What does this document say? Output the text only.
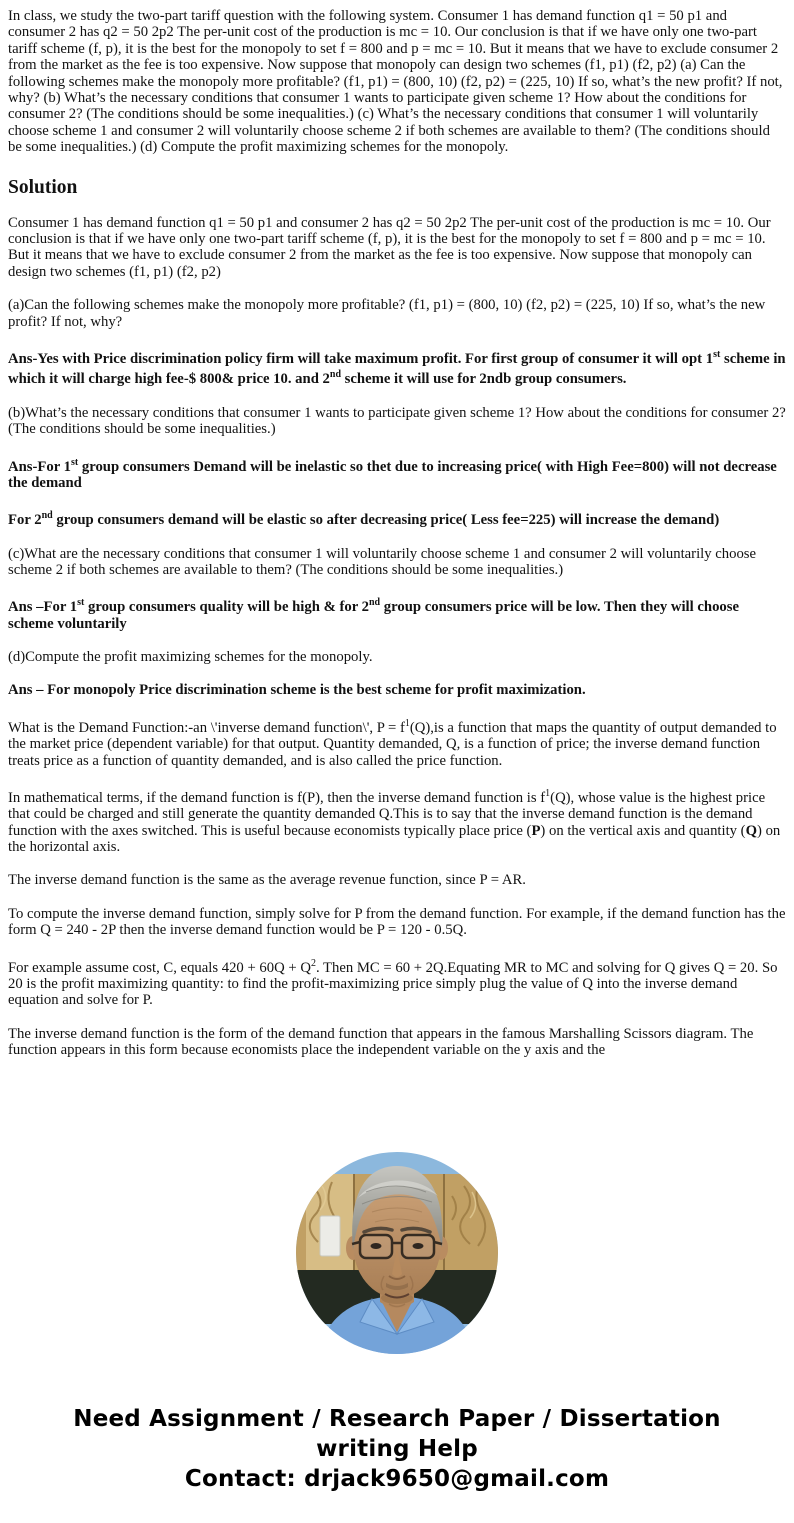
In class, we study the two-part tariff question with the following system. Consumer 1 has demand function q1 = 50 p1 and consumer 2 has q2 = 50 2p2 The per-unit cost of the production is mc = 10. Our conclusion is that if we have only one two-part tariff scheme (f, p), it is the best for the monopoly to set f = 800 and p = mc = 10. But it means that we have to exclude consumer 2 from the market as the fee is too expensive. Now suppose that monopoly can design two schemes (f1, p1) (f2, p2) (a) Can the following schemes make the monopoly more profitable? (f1, p1) = (800, 10) (f2, p2) = (225, 10) If so, what’s the new profit? If not, why? (b) What’s the necessary conditions that consumer 1 wants to participate given scheme 1? How about the conditions for consumer 2? (The conditions should be some inequalities.) (c) What’s the necessary conditions that consumer 1 will voluntarily choose scheme 1 and consumer 2 will voluntarily choose scheme 2 if both schemes are available to them? (The conditions should be some inequalities.) (d) Compute the profit maximizing schemes for the monopoly.

Solution

Consumer 1 has demand function q1 = 50 p1 and consumer 2 has q2 = 50 2p2 The per-unit cost of the production is mc = 10. Our conclusion is that if we have only one two-part tariff scheme (f, p), it is the best for the monopoly to set f = 800 and p = mc = 10. But it means that we have to exclude consumer 2 from the market as the fee is too expensive. Now suppose that monopoly can design two schemes (f1, p1) (f2, p2)

(a)Can the following schemes make the monopoly more profitable? (f1, p1) = (800, 10) (f2, p2) = (225, 10) If so, what’s the new profit? If not, why?

Ans-Yes with Price discrimination policy firm will take maximum profit. For first group of consumer it will opt 1st scheme in which it will charge high fee-$ 800& price 10. and 2nd scheme it will use for 2ndb group consumers.

(b)What’s the necessary conditions that consumer 1 wants to participate given scheme 1? How about the conditions for consumer 2? (The conditions should be some inequalities.)

Ans-For 1st group consumers Demand will be inelastic so thet due to increasing price( with High Fee=800) will not decrease the demand

For 2nd group consumers demand will be elastic so after decreasing price( Less fee=225) will increase the demand)

(c)What are the necessary conditions that consumer 1 will voluntarily choose scheme 1 and consumer 2 will voluntarily choose scheme 2 if both schemes are available to them? (The conditions should be some inequalities.)

Ans –For 1st group consumers quality will be high & for 2nd group consumers price will be low. Then they will choose scheme voluntarily

(d)Compute the profit maximizing schemes for the monopoly.

Ans – For monopoly Price discrimination scheme is the best scheme for profit maximization.

What is the Demand Function:-an \'inverse demand function\', $P = f^1(Q),is$ a function that maps the quantity of output demanded to the market price (dependent variable) for that output. Quantity demanded, Q, is a function of price; the inverse demand function treats price as a function of quantity demanded, and is also called the price function.

In mathematical terms, if the demand function is f(P), then the inverse demand function is $f^1(Q)$, whose value is the highest price that could be charged and still generate the quantity demanded Q.This is to say that the inverse demand function is the demand function with the axes switched. This is useful because economists typically place price (P) on the vertical axis and quantity (Q) on the horizontal axis.

The inverse demand function is the same as the average revenue function, since P = AR.

To compute the inverse demand function, simply solve for P from the demand function. For example, if the demand function has the form Q = 240 - 2P then the inverse demand function would be P = 120 - 0.5Q.

For example assume cost, C, equals $420 + 60Q + Q^2$. Then MC = 60 + 2Q.Equating MR to MC and solving for Q gives Q = 20. So 20 is the profit maximizing quantity: to find the profit-maximizing price simply plug the value of Q into the inverse demand equation and solve for P.

The inverse demand function is the form of the demand function that appears in the famous Marshalling Scissors diagram. The function appears in this form because economists place the independent variable on the y axis and the

Need Assignment / Research Paper / Dissertation
writing Help
Contact: drjack9650@gmail.com
